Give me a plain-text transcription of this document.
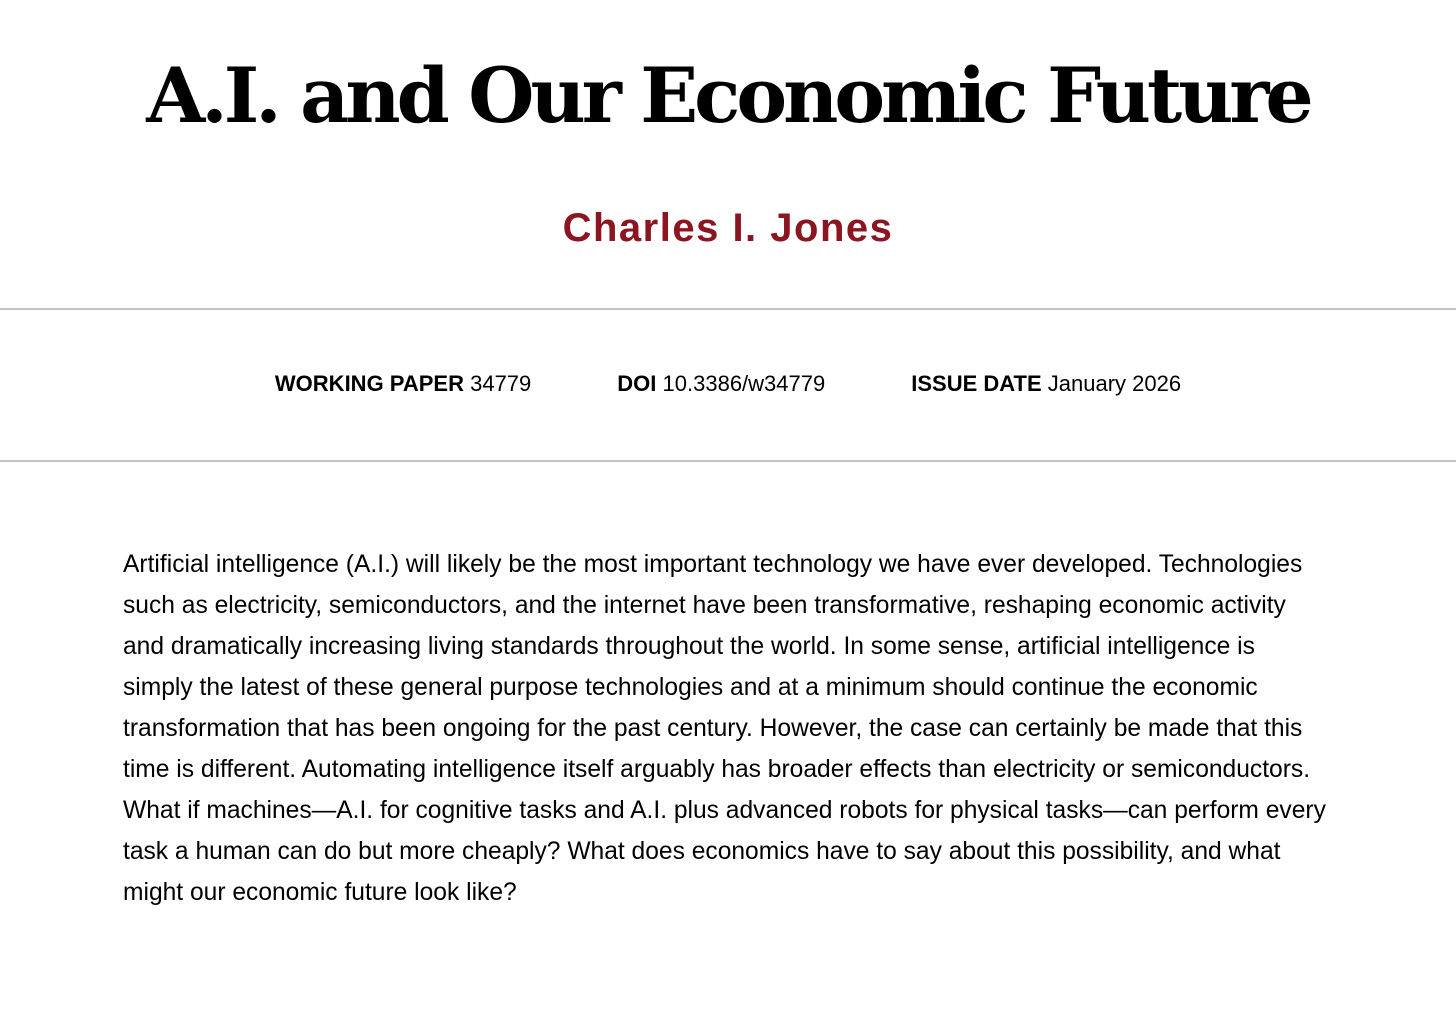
A.I. and Our Economic Future
Charles I. Jones
WORKING PAPER 34779	DOI 10.3386/w34779	ISSUE DATE January 2026

Artificial intelligence (A.I.) will likely be the most important technology we have ever developed. Technologies such as electricity, semiconductors, and the internet have been transformative, reshaping economic activity and dramatically increasing living standards throughout the world. In some sense, artificial intelligence is simply the latest of these general purpose technologies and at a minimum should continue the economic transformation that has been ongoing for the past century. However, the case can certainly be made that this time is different. Automating intelligence itself arguably has broader effects than electricity or semiconductors. What if machines—A.I. for cognitive tasks and A.I. plus advanced robots for physical tasks—can perform every task a human can do but more cheaply? What does economics have to say about this possibility, and what might our economic future look like?
